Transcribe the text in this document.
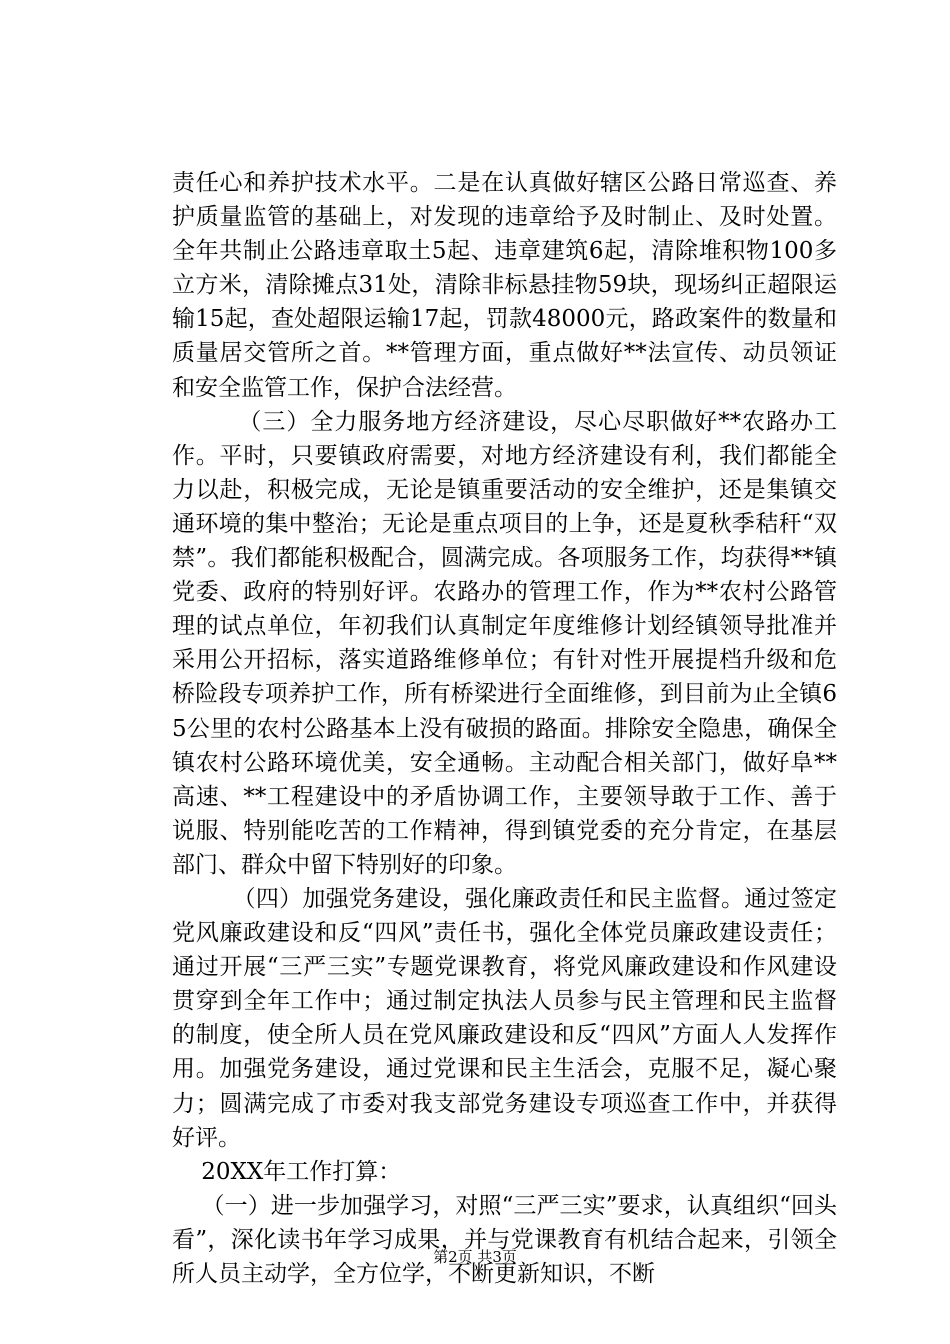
责任心和养护技术水平。二是在认真做好辖区公路日常巡查、养护质量监管的基础上，对发现的违章给予及时制止、及时处置。全年共制止公路违章取土5起、违章建筑6起，清除堆积物100多立方米，清除摊点31处，清除非标悬挂物59块，现场纠正超限运输15起，查处超限运输17起，罚款48000元，路政案件的数量和质量居交管所之首。**管理方面，重点做好**法宣传、动员领证和安全监管工作，保护合法经营。

（三）全力服务地方经济建设，尽心尽职做好**农路办工作。平时，只要镇政府需要，对地方经济建设有利，我们都能全力以赴，积极完成，无论是镇重要活动的安全维护，还是集镇交通环境的集中整治；无论是重点项目的上争，还是夏秋季秸秆“双禁”。我们都能积极配合，圆满完成。各项服务工作，均获得**镇党委、政府的特别好评。农路办的管理工作，作为**农村公路管理的试点单位，年初我们认真制定年度维修计划经镇领导批准并采用公开招标，落实道路维修单位；有针对性开展提档升级和危桥险段专项养护工作，所有桥梁进行全面维修，到目前为止全镇65公里的农村公路基本上没有破损的路面。排除安全隐患，确保全镇农村公路环境优美，安全通畅。主动配合相关部门，做好阜**高速、**工程建设中的矛盾协调工作，主要领导敢于工作、善于说服、特别能吃苦的工作精神，得到镇党委的充分肯定，在基层部门、群众中留下特别好的印象。

（四）加强党务建设，强化廉政责任和民主监督。通过签定党风廉政建设和反“四风”责任书，强化全体党员廉政建设责任；通过开展“三严三实”专题党课教育，将党风廉政建设和作风建设贯穿到全年工作中；通过制定执法人员参与民主管理和民主监督的制度，使全所人员在党风廉政建设和反“四风”方面人人发挥作用。加强党务建设，通过党课和民主生活会，克服不足，凝心聚力；圆满完成了市委对我支部党务建设专项巡查工作中，并获得好评。

20XX年工作打算：

（一）进一步加强学习，对照“三严三实”要求，认真组织“回头看”，深化读书年学习成果，并与党课教育有机结合起来，引领全所人员主动学，全方位学，不断更新知识，不断

第2页 共3页
